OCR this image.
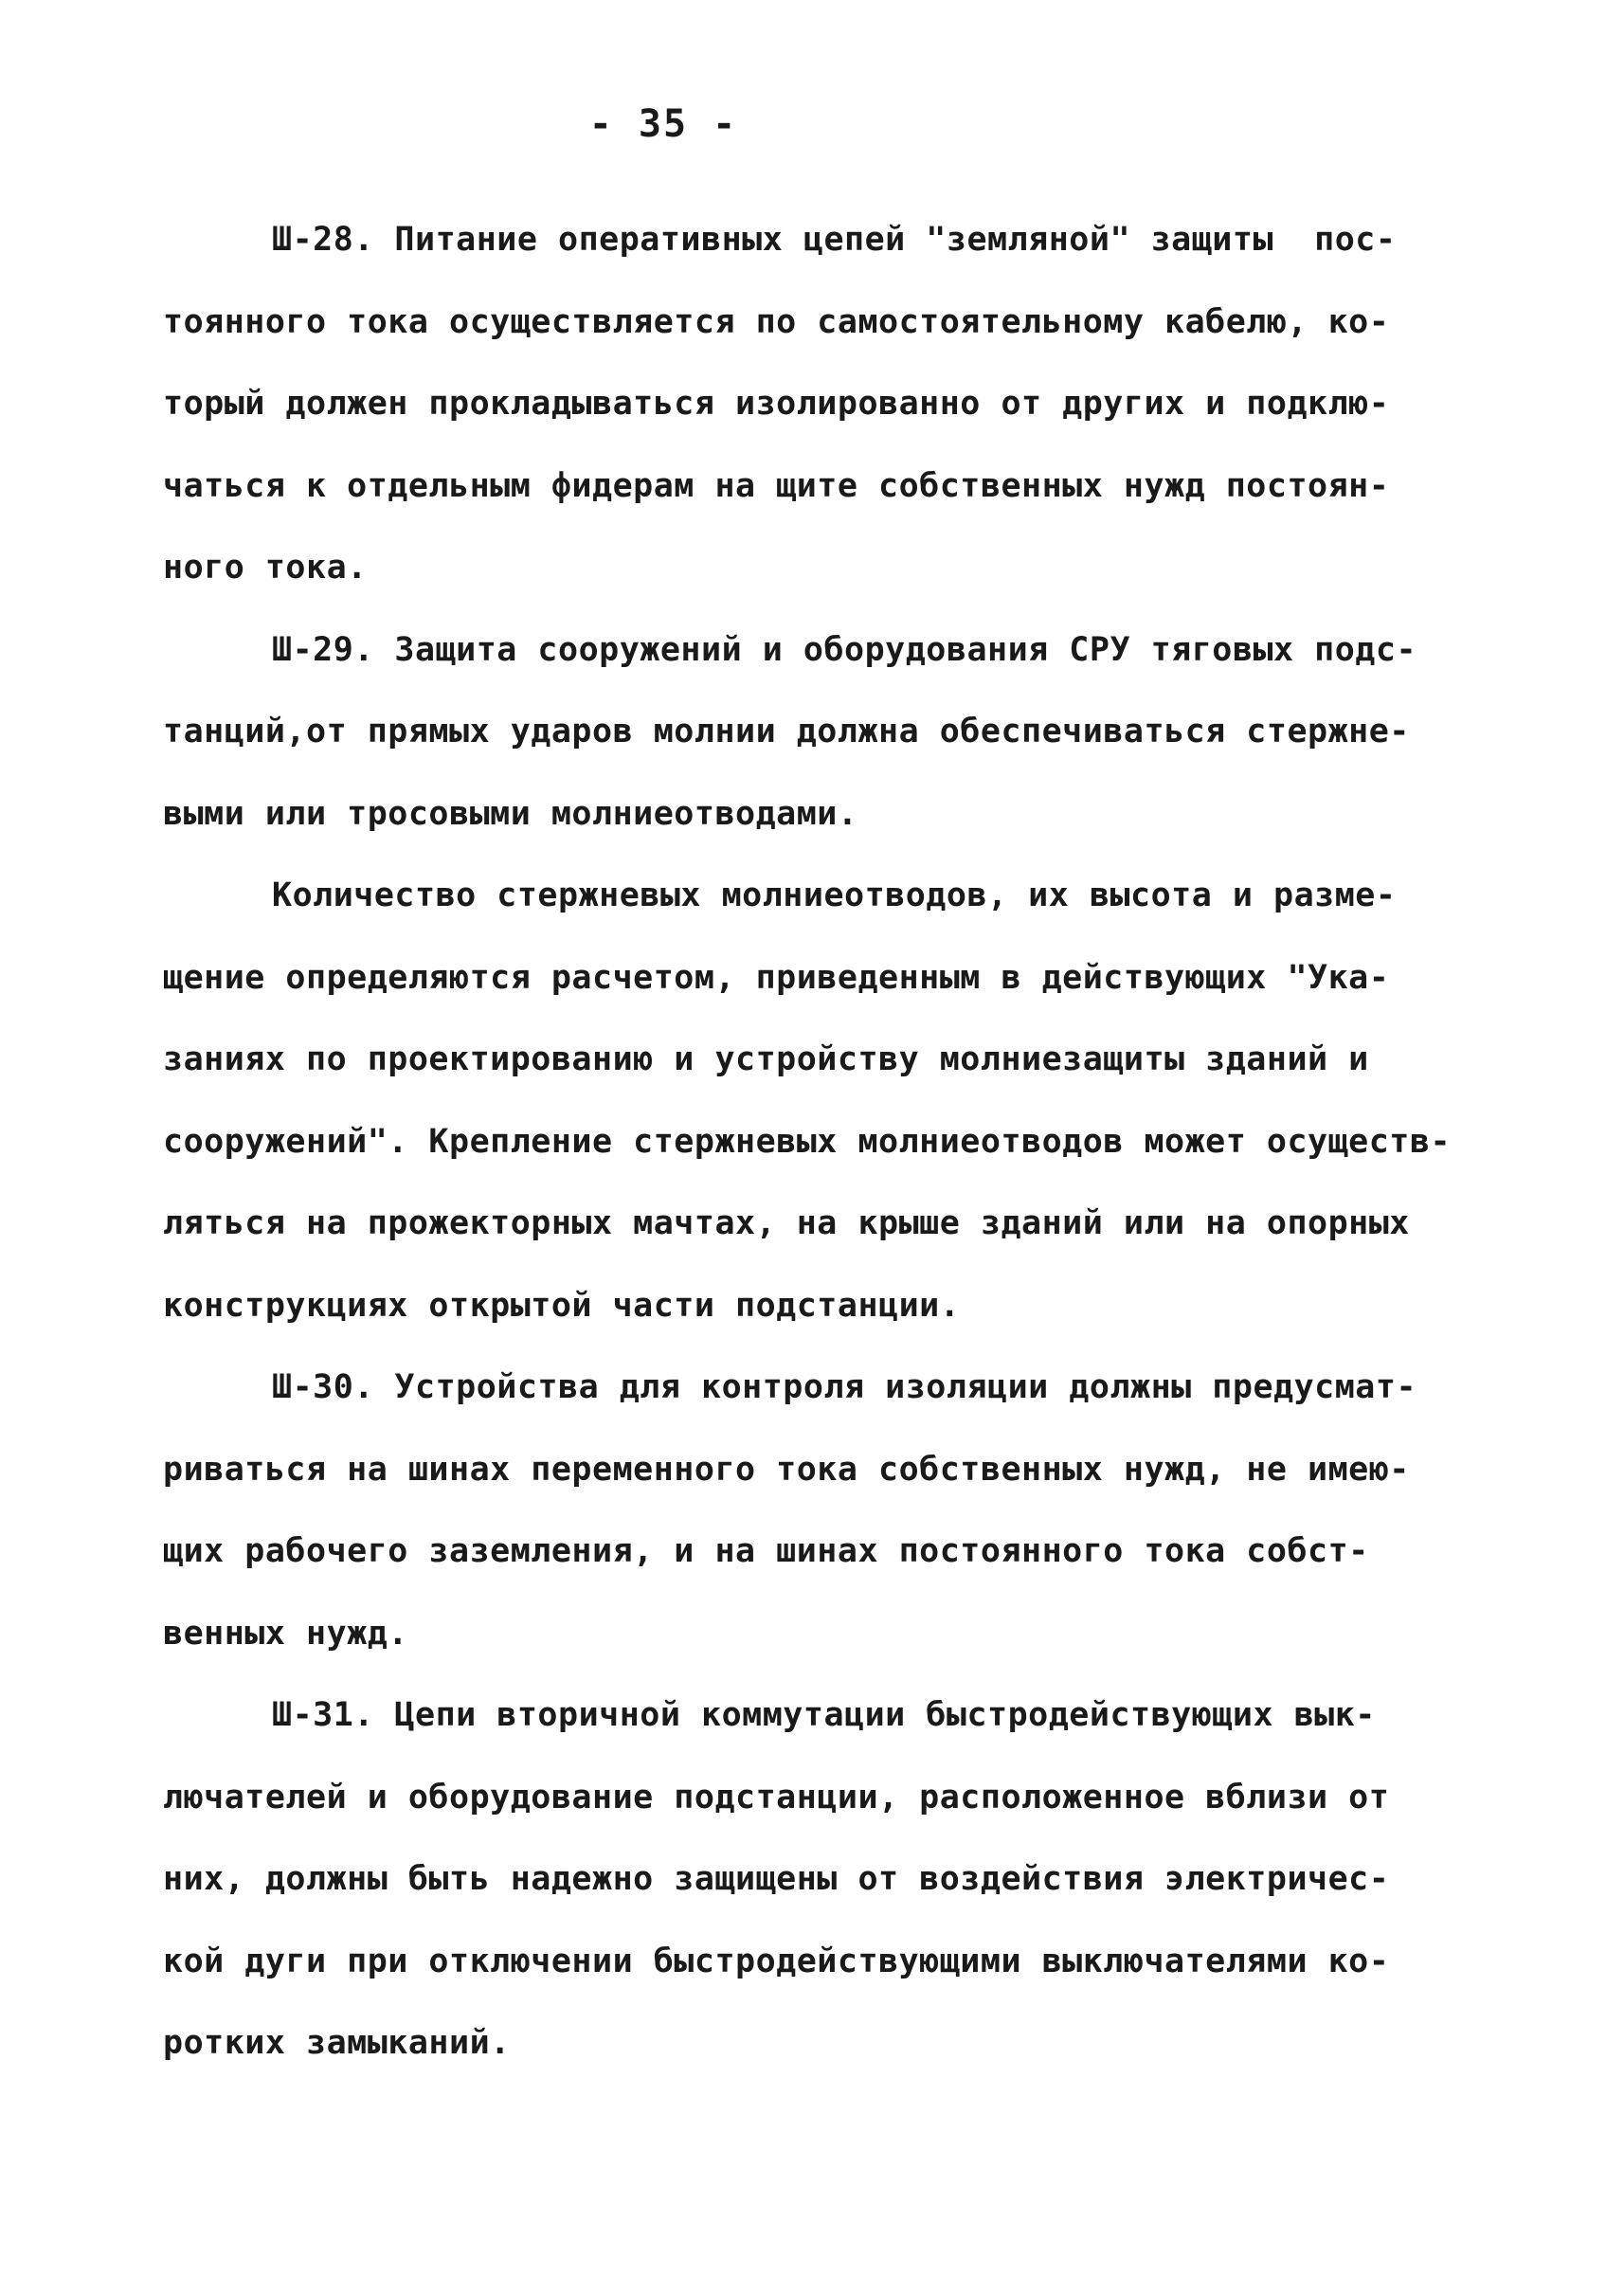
- 35 -
Ш-28. Питание оперативных цепей "земляной" защиты  пос-
тоянного тока осуществляется по самостоятельному кабелю, ко-
торый должен прокладываться изолированно от других и подклю-
чаться к отдельным фидерам на щите собственных нужд постоян-
ного тока.
Ш-29. Защита сооружений и оборудования СРУ тяговых подс-
танций,от прямых ударов молнии должна обеспечиваться стержне-
выми или тросовыми молниеотводами.
Количество стержневых молниеотводов, их высота и разме-
щение определяются расчетом, приведенным в действующих "Ука-
заниях по проектированию и устройству молниезащиты зданий и
сооружений". Крепление стержневых молниеотводов может осуществ-
ляться на прожекторных мачтах, на крыше зданий или на опорных
конструкциях открытой части подстанции.
Ш-30. Устройства для контроля изоляции должны предусмат-
риваться на шинах переменного тока собственных нужд, не имею-
щих рабочего заземления, и на шинах постоянного тока собст-
венных нужд.
Ш-31. Цепи вторичной коммутации быстродействующих вык-
лючателей и оборудование подстанции, расположенное вблизи от
них, должны быть надежно защищены от воздействия электричес-
кой дуги при отключении быстродействующими выключателями ко-
ротких замыканий.
